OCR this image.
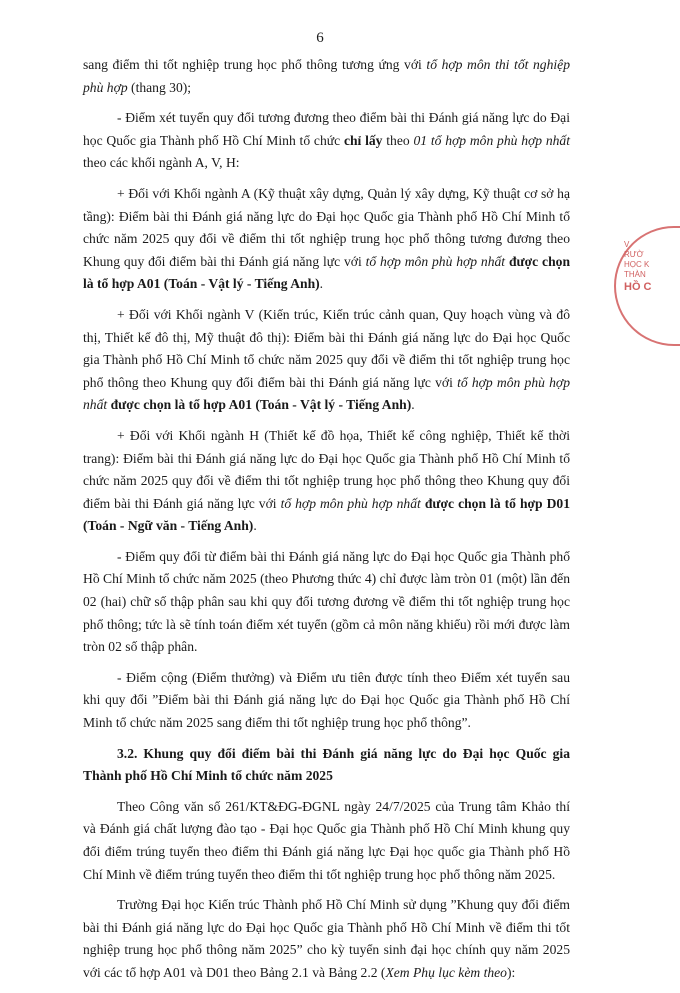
6
V
RƯỜ
HỌC K
THÀN
HỒ C

sang điểm thi tốt nghiệp trung học phổ thông tương ứng với tổ hợp môn thi tốt nghiệp phù hợp (thang 30);

- Điểm xét tuyển quy đổi tương đương theo điểm bài thi Đánh giá năng lực do Đại học Quốc gia Thành phố Hồ Chí Minh tổ chức chỉ lấy theo 01 tổ hợp môn phù hợp nhất theo các khối ngành A, V, H:

+ Đối với Khối ngành A (Kỹ thuật xây dựng, Quản lý xây dựng, Kỹ thuật cơ sở hạ tầng): Điểm bài thi Đánh giá năng lực do Đại học Quốc gia Thành phố Hồ Chí Minh tổ chức năm 2025 quy đổi về điểm thi tốt nghiệp trung học phổ thông tương đương theo Khung quy đổi điểm bài thi Đánh giá năng lực với tổ hợp môn phù hợp nhất được chọn là tổ hợp A01 (Toán - Vật lý - Tiếng Anh).

+ Đối với Khối ngành V (Kiến trúc, Kiến trúc cảnh quan, Quy hoạch vùng và đô thị, Thiết kế đô thị, Mỹ thuật đô thị): Điểm bài thi Đánh giá năng lực do Đại học Quốc gia Thành phố Hồ Chí Minh tổ chức năm 2025 quy đổi về điểm thi tốt nghiệp trung học phổ thông theo Khung quy đổi điểm bài thi Đánh giá năng lực với tổ hợp môn phù hợp nhất được chọn là tổ hợp A01 (Toán - Vật lý - Tiếng Anh).

+ Đối với Khối ngành H (Thiết kế đồ họa, Thiết kế công nghiệp, Thiết kế thời trang): Điểm bài thi Đánh giá năng lực do Đại học Quốc gia Thành phố Hồ Chí Minh tổ chức năm 2025 quy đổi về điểm thi tốt nghiệp trung học phổ thông theo Khung quy đổi điểm bài thi Đánh giá năng lực với tổ hợp môn phù hợp nhất được chọn là tổ hợp D01 (Toán - Ngữ văn - Tiếng Anh).

- Điểm quy đổi từ điểm bài thi Đánh giá năng lực do Đại học Quốc gia Thành phố Hồ Chí Minh tổ chức năm 2025 (theo Phương thức 4) chỉ được làm tròn 01 (một) lần đến 02 (hai) chữ số thập phân sau khi quy đổi tương đương về điểm thi tốt nghiệp trung học phổ thông; tức là sẽ tính toán điểm xét tuyển (gồm cả môn năng khiếu) rồi mới được làm tròn 02 số thập phân.

- Điểm cộng (Điểm thưởng) và Điểm ưu tiên được tính theo Điểm xét tuyển sau khi quy đổi ”Điểm bài thi Đánh giá năng lực do Đại học Quốc gia Thành phố Hồ Chí Minh tổ chức năm 2025 sang điểm thi tốt nghiệp trung học phổ thông”.

3.2. Khung quy đổi điểm bài thi Đánh giá năng lực do Đại học Quốc gia Thành phố Hồ Chí Minh tổ chức năm 2025

Theo Công văn số 261/KT&ĐG-ĐGNL ngày 24/7/2025 của Trung tâm Khảo thí và Đánh giá chất lượng đào tạo - Đại học Quốc gia Thành phố Hồ Chí Minh khung quy đổi điểm trúng tuyển theo điểm thi Đánh giá năng lực Đại học quốc gia Thành phố Hồ Chí Minh về điểm trúng tuyển theo điểm thi tốt nghiệp trung học phổ thông năm 2025.

Trường Đại học Kiến trúc Thành phố Hồ Chí Minh sử dụng ”Khung quy đổi điểm bài thi Đánh giá năng lực do Đại học Quốc gia Thành phố Hồ Chí Minh về điểm thi tốt nghiệp trung học phổ thông năm 2025” cho kỳ tuyển sinh đại học chính quy năm 2025 với các tổ hợp A01 và D01 theo Bảng 2.1 và Bảng 2.2 (Xem Phụ lục kèm theo):
